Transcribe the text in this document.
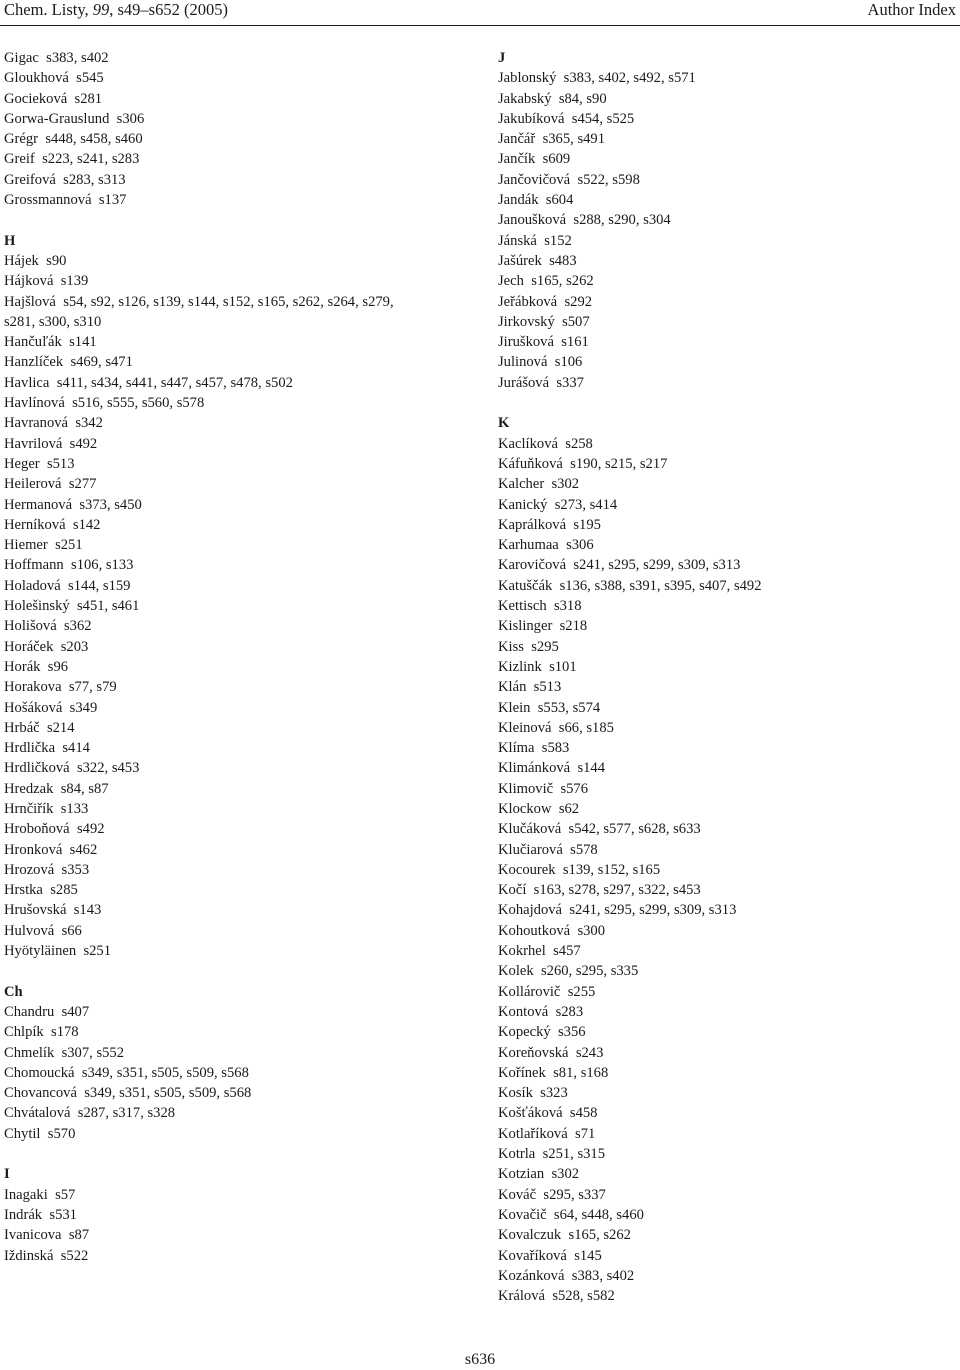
Chem. Listy, 99, s49–s652 (2005)	Author Index
Gigac s383, s402
Gloukhová s545
Gocieková s281
Gorwa-Grauslund s306
Grégr s448, s458, s460
Greif s223, s241, s283
Greifová s283, s313
Grossmannová s137
H
Hájek s90
Hájková s139
Hajšlová s54, s92, s126, s139, s144, s152, s165, s262, s264, s279,
s281, s300, s310
Hančuľák s141
Hanzlíček s469, s471
Havlica s411, s434, s441, s447, s457, s478, s502
Havlínová s516, s555, s560, s578
Havranová s342
Havrilová s492
Heger s513
Heilerová s277
Hermanová s373, s450
Herníková s142
Hiemer s251
Hoffmann s106, s133
Holadová s144, s159
Holešinský s451, s461
Holišová s362
Horáček s203
Horák s96
Horakova s77, s79
Hošáková s349
Hrbáč s214
Hrdlička s414
Hrdličková s322, s453
Hredzak s84, s87
Hrnčiřík s133
Hroboňová s492
Hronková s462
Hrozová s353
Hrstka s285
Hrušovská s143
Hulvová s66
Hyötyläinen s251
Ch
Chandru s407
Chlpík s178
Chmelík s307, s552
Chomoucká s349, s351, s505, s509, s568
Chovancová s349, s351, s505, s509, s568
Chvátalová s287, s317, s328
Chytil s570
I
Inagaki s57
Indrák s531
Ivanicova s87
Iždinská s522
J
Jablonský s383, s402, s492, s571
Jakabský s84, s90
Jakubíková s454, s525
Jančář s365, s491
Jančík s609
Jančovičová s522, s598
Jandák s604
Janoušková s288, s290, s304
Jánská s152
Jašúrek s483
Jech s165, s262
Jeřábková s292
Jirkovský s507
Jirušková s161
Julinová s106
Jurášová s337
K
Kaclíková s258
Káfuňková s190, s215, s217
Kalcher s302
Kanický s273, s414
Kaprálková s195
Karhumaa s306
Karovičová s241, s295, s299, s309, s313
Katuščák s136, s388, s391, s395, s407, s492
Kettisch s318
Kislinger s218
Kiss s295
Kizlink s101
Klán s513
Klein s553, s574
Kleinová s66, s185
Klíma s583
Klimánková s144
Klimovič s576
Klockow s62
Klučáková s542, s577, s628, s633
Klučiarová s578
Kocourek s139, s152, s165
Kočí s163, s278, s297, s322, s453
Kohajdová s241, s295, s299, s309, s313
Kohoutková s300
Kokrhel s457
Kolek s260, s295, s335
Kollárovič s255
Kontová s283
Kopecký s356
Koreňovská s243
Kořínek s81, s168
Kosík s323
Košťáková s458
Kotlaříková s71
Kotrla s251, s315
Kotzian s302
Kováč s295, s337
Kovačič s64, s448, s460
Kovalczuk s165, s262
Kovaříková s145
Kozánková s383, s402
Králová s528, s582
s636
